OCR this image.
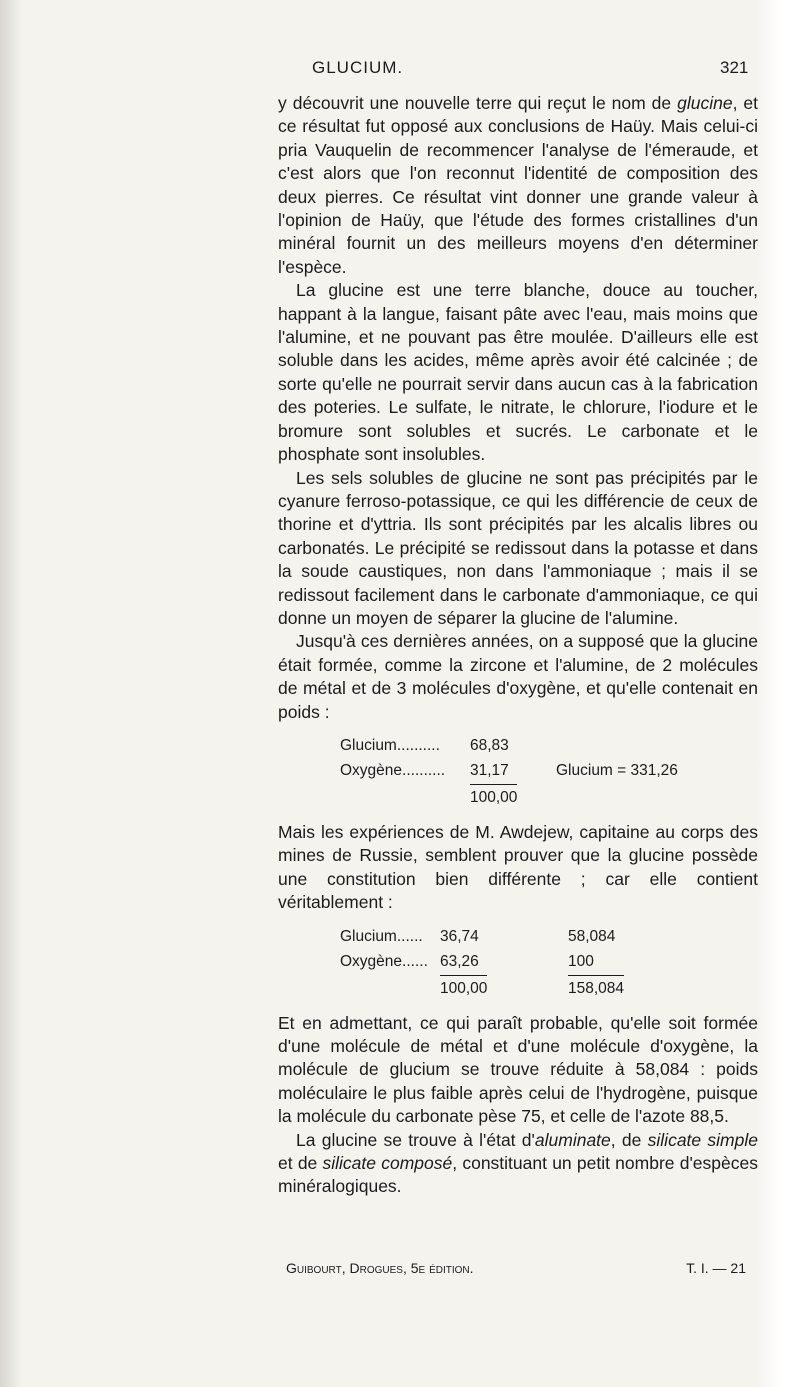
GLUCIUM.	321

y découvrit une nouvelle terre qui reçut le nom de glucine, et ce résultat fut opposé aux conclusions de Haüy. Mais celui-ci pria Vauquelin de recommencer l'analyse de l'émeraude, et c'est alors que l'on reconnut l'identité de composition des deux pierres. Ce résultat vint donner une grande valeur à l'opinion de Haüy, que l'étude des formes cristallines d'un minéral fournit un des meilleurs moyens d'en déterminer l'espèce.

La glucine est une terre blanche, douce au toucher, happant à la langue, faisant pâte avec l'eau, mais moins que l'alumine, et ne pouvant pas être moulée. D'ailleurs elle est soluble dans les acides, même après avoir été calcinée ; de sorte qu'elle ne pourrait servir dans aucun cas à la fabrication des poteries. Le sulfate, le nitrate, le chlorure, l'iodure et le bromure sont solubles et sucrés. Le carbonate et le phosphate sont insolubles.

Les sels solubles de glucine ne sont pas précipités par le cyanure ferroso-potassique, ce qui les différencie de ceux de thorine et d'yttria. Ils sont précipités par les alcalis libres ou carbonatés. Le précipité se redissout dans la potasse et dans la soude caustiques, non dans l'ammoniaque ; mais il se redissout facilement dans le carbonate d'ammoniaque, ce qui donne un moyen de séparer la glucine de l'alumine.

Jusqu'à ces dernières années, on a supposé que la glucine était formée, comme la zircone et l'alumine, de 2 molécules de métal et de 3 molécules d'oxygène, et qu'elle contenait en poids :

Glucium.......... 68,83
Oxygène.......... 31,17	Glucium = 331,26
100,00

Mais les expériences de M. Awdejew, capitaine au corps des mines de Russie, semblent prouver que la glucine possède une constitution bien différente ; car elle contient véritablement :

Glucium...... 36,74	58,084
Oxygène...... 63,26	100
100,00	158,084

Et en admettant, ce qui paraît probable, qu'elle soit formée d'une molécule de métal et d'une molécule d'oxygène, la molécule de glucium se trouve réduite à 58,084 : poids moléculaire le plus faible après celui de l'hydrogène, puisque la molécule du carbonate pèse 75, et celle de l'azote 88,5.

La glucine se trouve à l'état d'aluminate, de silicate simple et de silicate composé, constituant un petit nombre d'espèces minéralogiques.

Guibourt, Drogues, 5e édition.	T. I. — 21
